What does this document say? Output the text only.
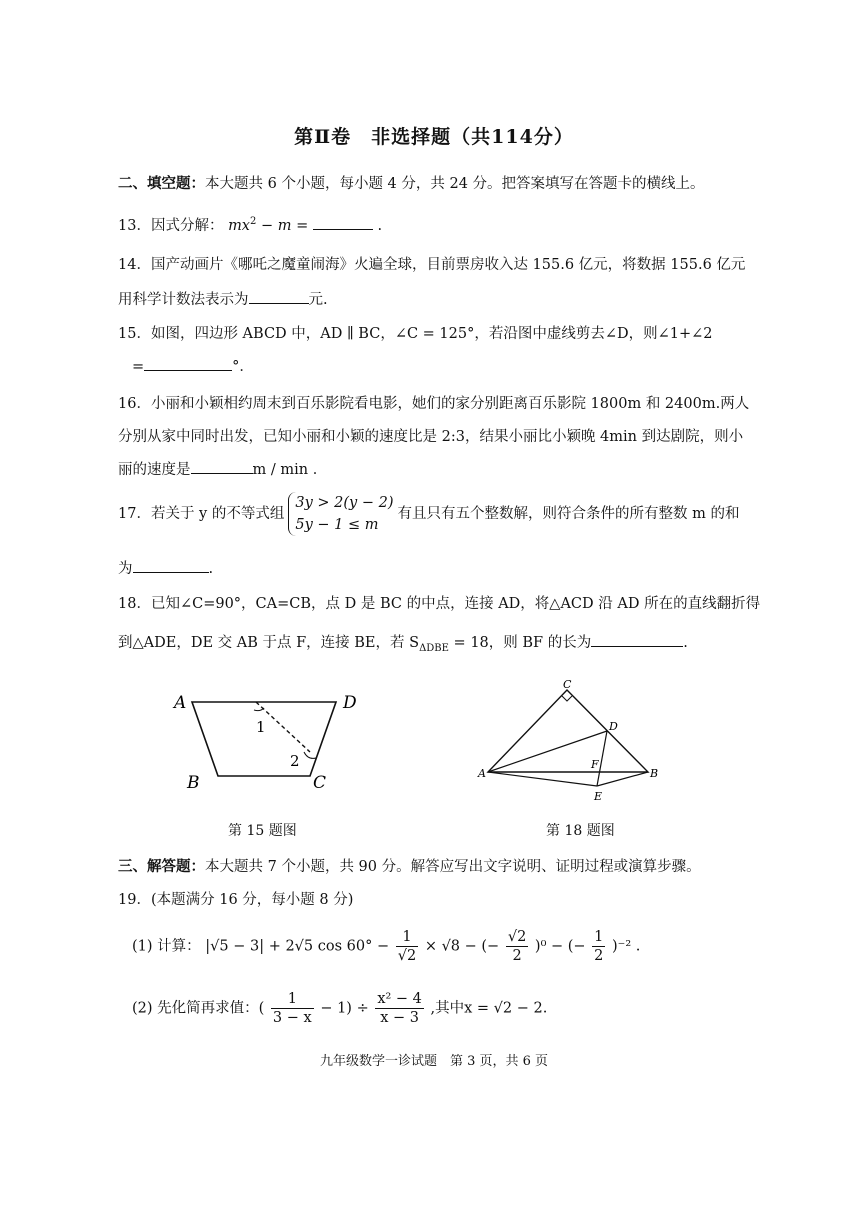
第Ⅱ卷　非选择题（共114分）
二、填空题：本大题共 6 个小题，每小题 4 分，共 24 分。把答案填写在答题卡的横线上。
13．因式分解： $mx^2 - m$ =	.
14．国产动画片《哪吒之魔童闹海》火遍全球，目前票房收入达 155.6 亿元，将数据 155.6 亿元
用科学计数法表示为	元.
15．如图，四边形 ABCD 中，AD ∥ BC，∠C = 125°，若沿图中虚线剪去∠D，则∠1+∠2
=	°．
16．小丽和小颖相约周末到百乐影院看电影，她们的家分别距离百乐影院 1800m 和 2400m.两人
分别从家中同时出发，已知小丽和小颖的速度比是 2:3，结果小丽比小颖晚 4min 到达剧院，则小
丽的速度是	m / min ．
17．若关于 y 的不等式组
3y > 2(y − 2)
5y − 1 ≤ m
有且只有五个整数解，则符合条件的所有整数 m 的和
为	.
18．已知∠C=90°，CA=CB，点 D 是 BC 的中点，连接 AD，将△ACD 沿 AD 所在的直线翻折得
到△ADE，DE 交 AB 于点 F，连接 BE，若 $S_{\Delta DBE} = 18$，则 BF 的长为	.
A	D
B	C
1
2
第 15 题图
C
D
A	B
F
E
第 18 题图
三、解答题：本大题共 7 个小题，共 90 分。解答应写出文字说明、证明过程或演算步骤。
19．(本题满分 16 分，每小题 8 分)
(1) 计算： |√5 − 3| + 2√5 $\cos 60^\circ - \frac{1}{√2} \times √8$ − (− $\frac{√2}{2} )^0$ − (− $\frac{1}{2} )^{-2}$ .
(2) 先化简再求值：( $\frac{1}{3 - x} - 1) \div \frac{\text{x² − 4}}{x - 3}$ ,其中x = √2 − 2.
九年级数学一诊试题　第 3 页，共 6 页
